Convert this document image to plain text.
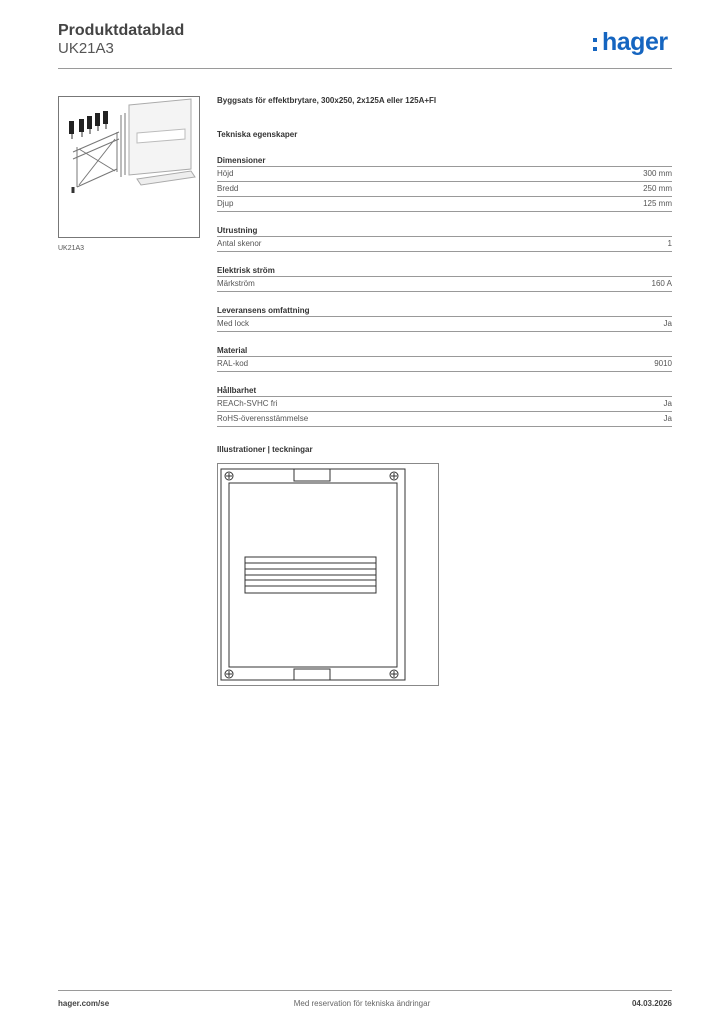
Produktdatablad
UK21A3	hager
UK21A3
Byggsats för effektbrytare, 300x250, 2x125A eller 125A+FI
Tekniska egenskaper
Dimensioner
Höjd	300 mm
Bredd	250 mm
Djup	125 mm
Utrustning
Antal skenor	1
Elektrisk ström
Märkström	160 A
Leveransens omfattning
Med lock	Ja
Material
RAL-kod	9010
Hållbarhet
REACh-SVHC fri	Ja
RoHS-överensstämmelse	Ja
Illustrationer | teckningar
hager.com/se	Med reservation för tekniska ändringar	04.03.2026
